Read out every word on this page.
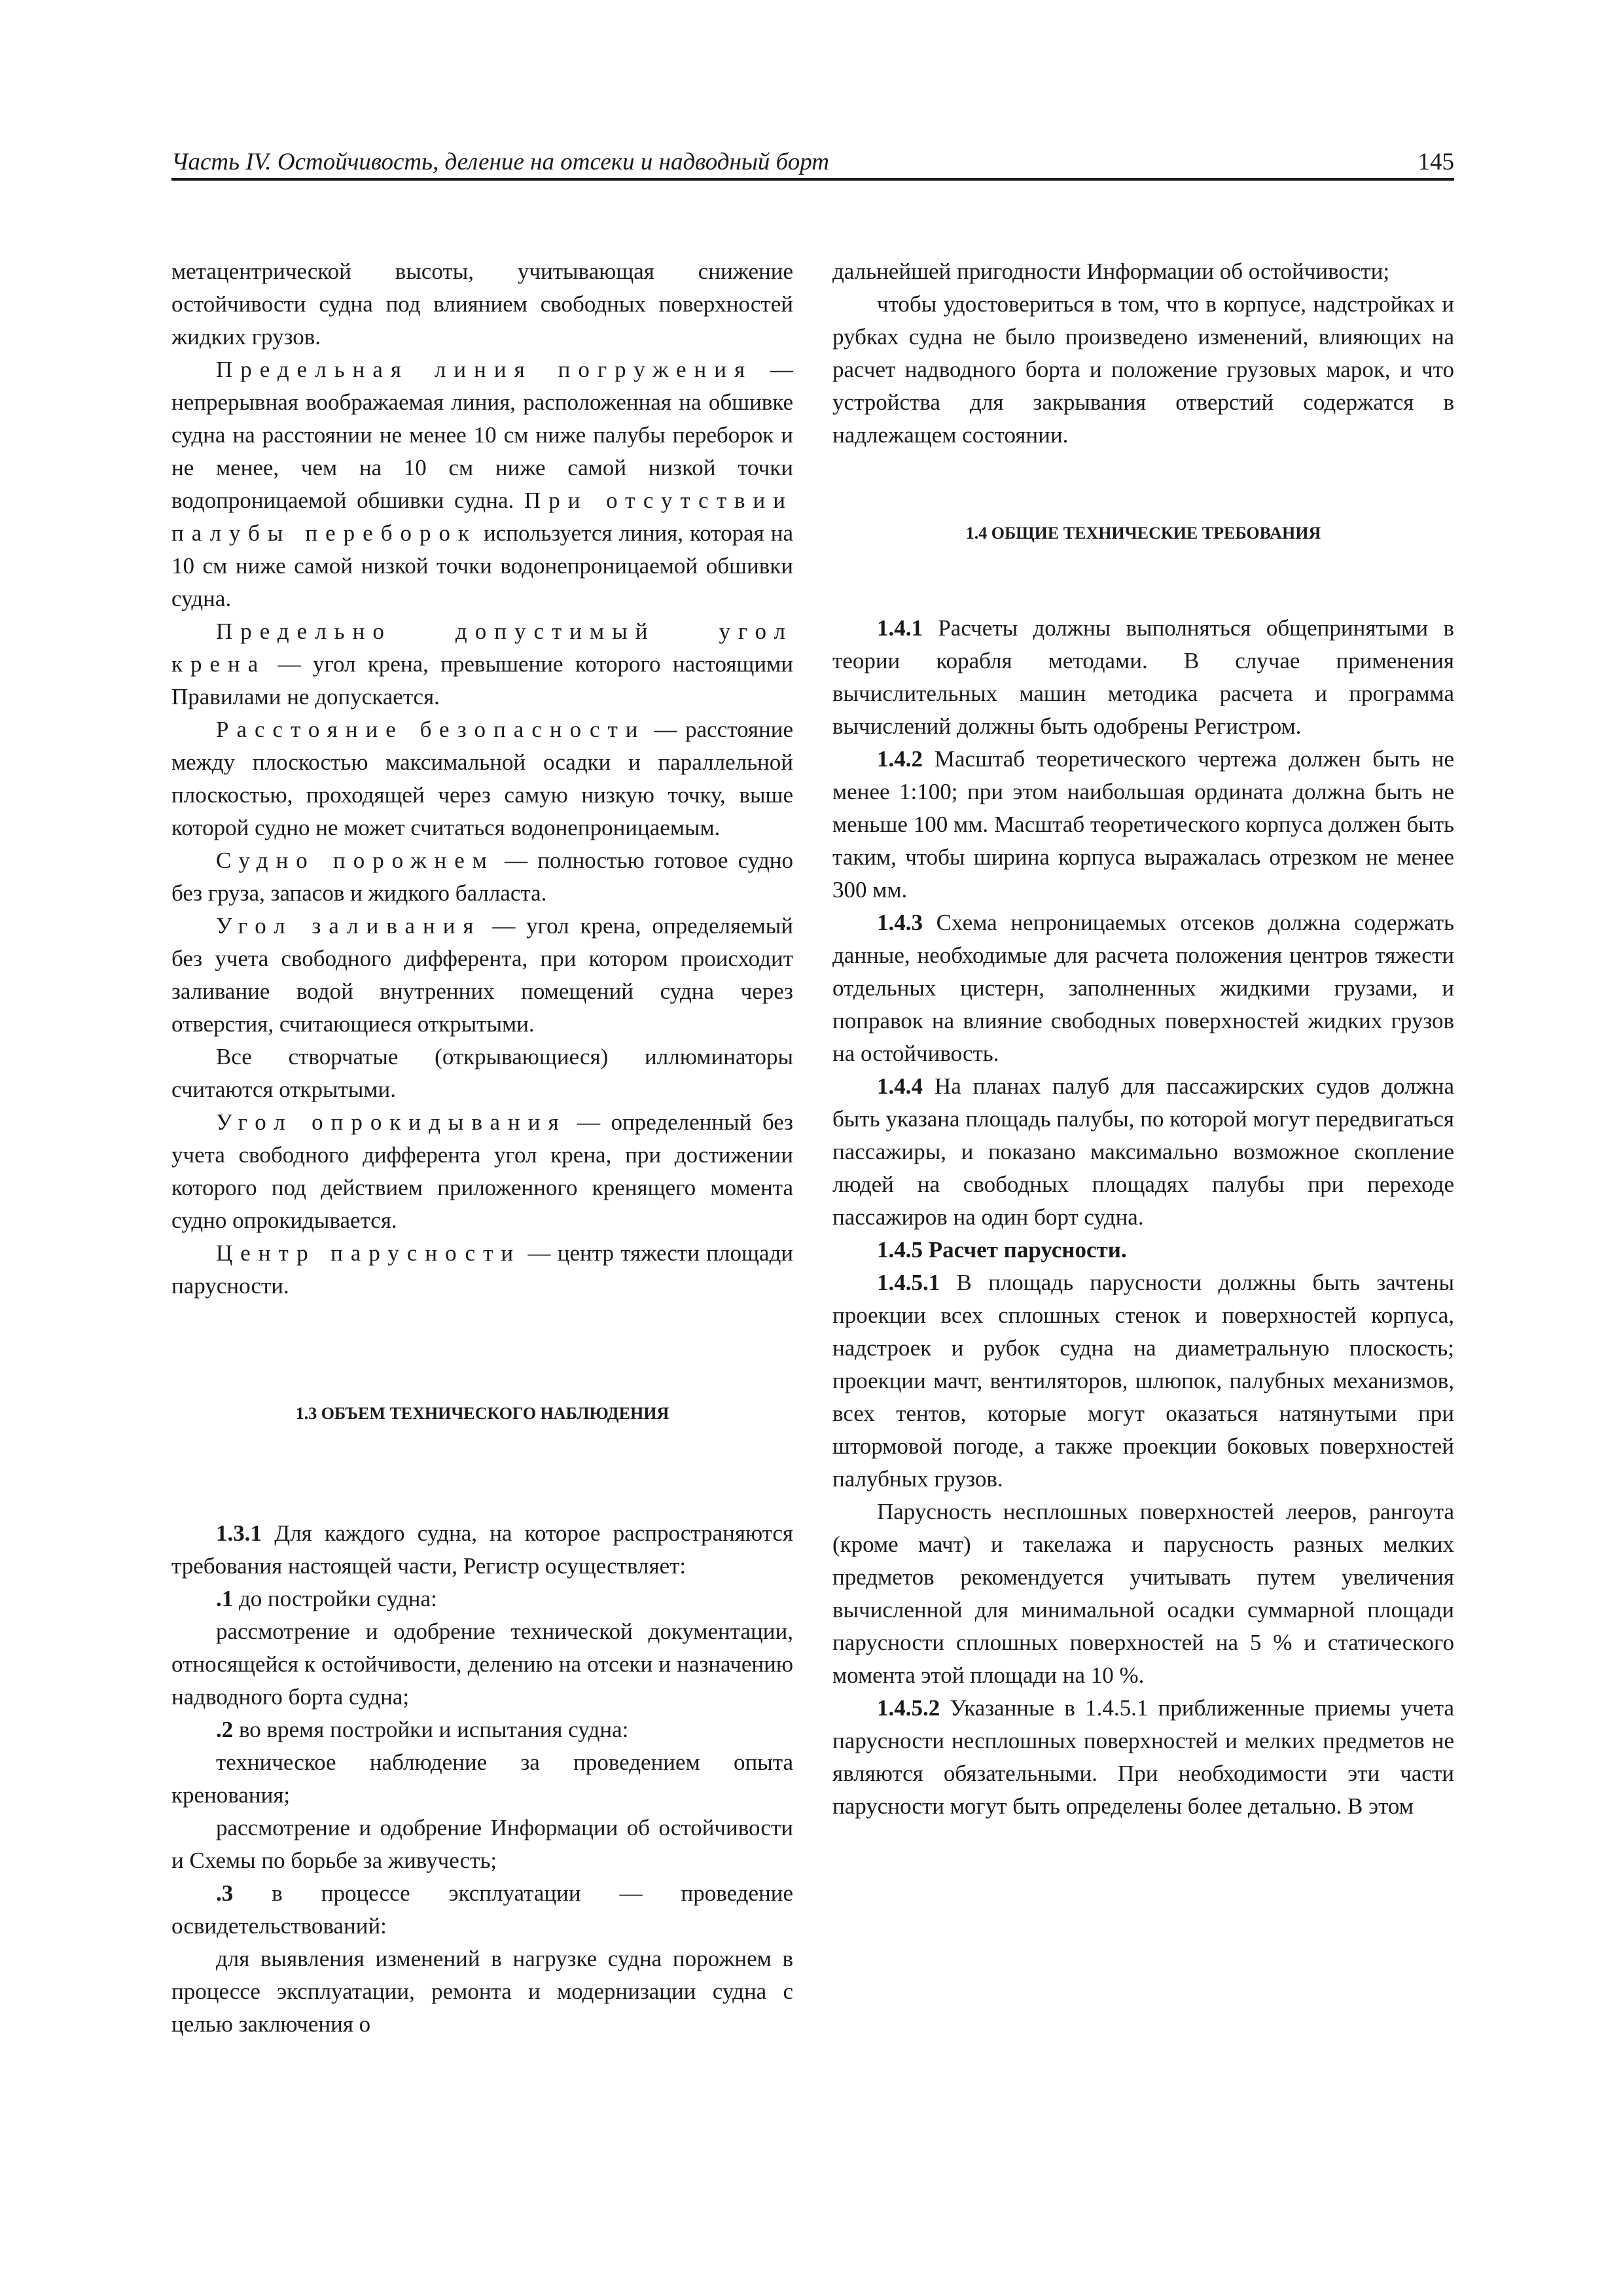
Часть IV. Остойчивость, деление на отсеки и надводный борт	145

метацентрической высоты, учитывающая снижение остойчивости судна под влиянием свободных поверхностей жидких грузов.

Предельная линия погружения — непрерывная воображаемая линия, расположенная на обшивке судна на расстоянии не менее 10 см ниже палубы переборок и не менее, чем на 10 см ниже самой низкой точки водопроницаемой обшивки судна. При отсутствии палубы переборок используется линия, которая на 10 см ниже самой низкой точки водонепроницаемой обшивки судна.

Предельно допустимый угол крена — угол крена, превышение которого настоящими Правилами не допускается.

Расстояние безопасности — расстояние между плоскостью максимальной осадки и параллельной плоскостью, проходящей через самую низкую точку, выше которой судно не может считаться водонепроницаемым.

Судно порожнем — полностью готовое судно без груза, запасов и жидкого балласта.

Угол заливания — угол крена, определяемый без учета свободного дифферента, при котором происходит заливание водой внутренних помещений судна через отверстия, считающиеся открытыми.

Все створчатые (открывающиеся) иллюминаторы считаются открытыми.

Угол опрокидывания — определенный без учета свободного дифферента угол крена, при достижении которого под действием приложенного кренящего момента судно опрокидывается.

Центр парусности — центр тяжести площади парусности.

1.3 ОБЪЕМ ТЕХНИЧЕСКОГО НАБЛЮДЕНИЯ

1.3.1 Для каждого судна, на которое распространяются требования настоящей части, Регистр осуществляет:

.1 до постройки судна:

рассмотрение и одобрение технической документации, относящейся к остойчивости, делению на отсеки и назначению надводного борта судна;

.2 во время постройки и испытания судна:

техническое наблюдение за проведением опыта кренования;

рассмотрение и одобрение Информации об остойчивости и Схемы по борьбе за живучесть;

.3 в процессе эксплуатации — проведение освидетельствований:

для выявления изменений в нагрузке судна порожнем в процессе эксплуатации, ремонта и модернизации судна с целью заключения о

дальнейшей пригодности Информации об остойчивости;

чтобы удостовериться в том, что в корпусе, надстройках и рубках судна не было произведено изменений, влияющих на расчет надводного борта и положение грузовых марок, и что устройства для закрывания отверстий содержатся в надлежащем состоянии.

1.4 ОБЩИЕ ТЕХНИЧЕСКИЕ ТРЕБОВАНИЯ

1.4.1 Расчеты должны выполняться общепринятыми в теории корабля методами. В случае применения вычислительных машин методика расчета и программа вычислений должны быть одобрены Регистром.

1.4.2 Масштаб теоретического чертежа должен быть не менее 1:100; при этом наибольшая ордината должна быть не меньше 100 мм. Масштаб теоретического корпуса должен быть таким, чтобы ширина корпуса выражалась отрезком не менее 300 мм.

1.4.3 Схема непроницаемых отсеков должна содержать данные, необходимые для расчета положения центров тяжести отдельных цистерн, заполненных жидкими грузами, и поправок на влияние свободных поверхностей жидких грузов на остойчивость.

1.4.4 На планах палуб для пассажирских судов должна быть указана площадь палубы, по которой могут передвигаться пассажиры, и показано максимально возможное скопление людей на свободных площадях палубы при переходе пассажиров на один борт судна.

1.4.5 Расчет парусности.

1.4.5.1 В площадь парусности должны быть зачтены проекции всех сплошных стенок и поверхностей корпуса, надстроек и рубок судна на диаметральную плоскость; проекции мачт, вентиляторов, шлюпок, палубных механизмов, всех тентов, которые могут оказаться натянутыми при штормовой погоде, а также проекции боковых поверхностей палубных грузов.

Парусность несплошных поверхностей лееров, рангоута (кроме мачт) и такелажа и парусность разных мелких предметов рекомендуется учитывать путем увеличения вычисленной для минимальной осадки суммарной площади парусности сплошных поверхностей на 5 % и статического момента этой площади на 10 %.

1.4.5.2 Указанные в 1.4.5.1 приближенные приемы учета парусности несплошных поверхностей и мелких предметов не являются обязательными. При необходимости эти части парусности могут быть определены более детально. В этом
